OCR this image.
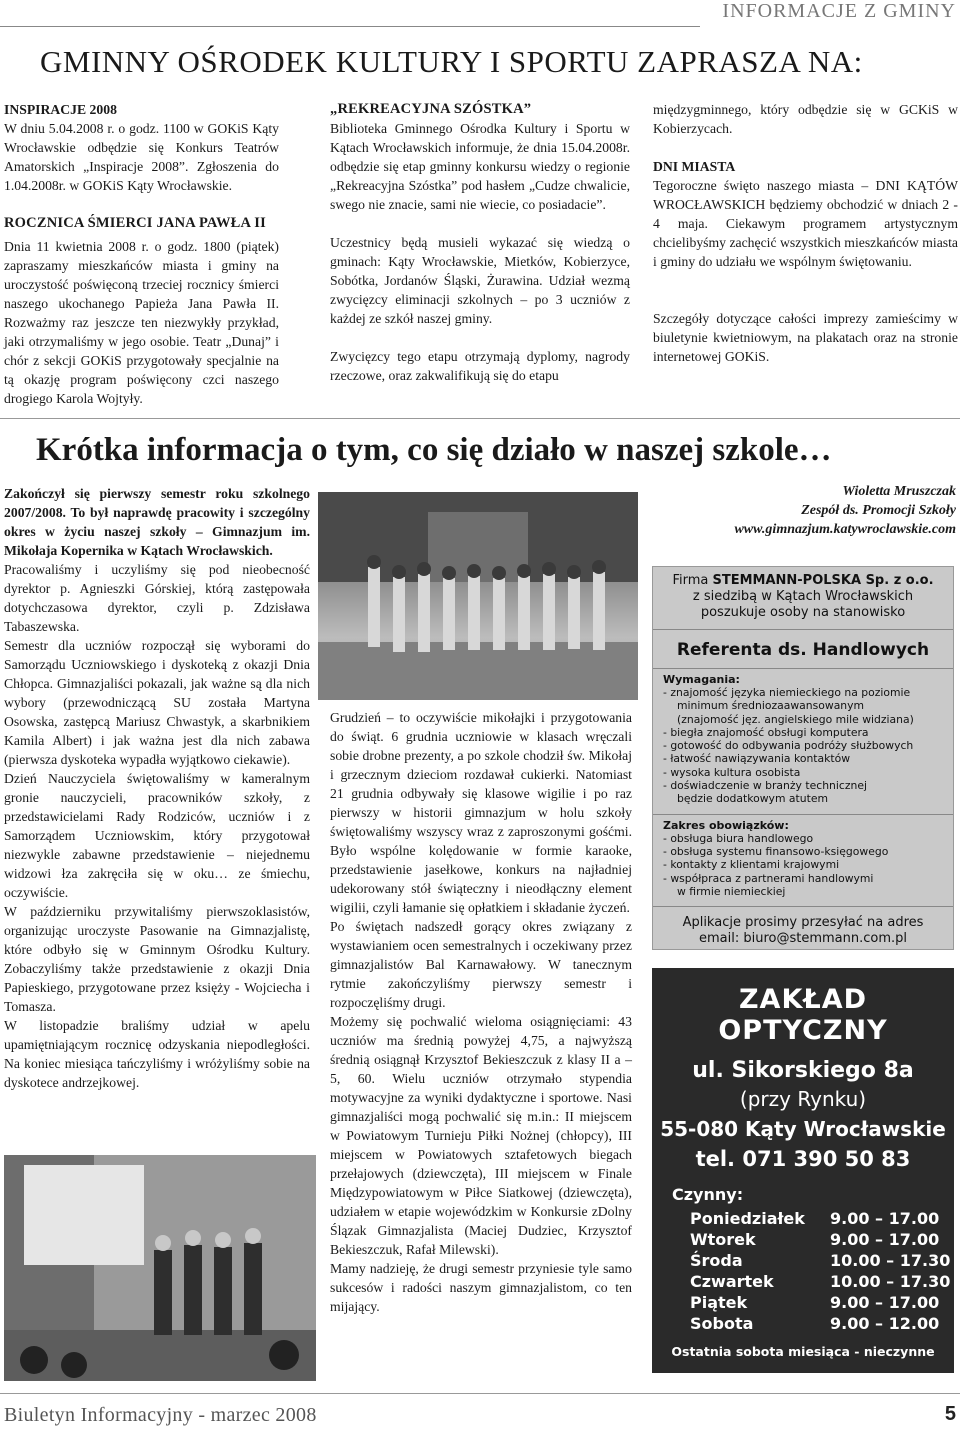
INFORMACJE Z GMINY
GMINNY OŚRODEK KULTURY I SPORTU ZAPRASZA NA:
INSPIRACJE 2008

W dniu 5.04.2008 r. o godz. 1100 w GOKiS Kąty Wrocławskie odbędzie się Konkurs Teatrów Amatorskich „Inspiracje 2008”. Zgłoszenia do 1.04.2008r. w GOKiS Kąty Wrocławskie.

ROCZNICA ŚMIERCI JANA PAWŁA II

Dnia 11 kwietnia 2008 r. o godz. 1800 (piątek) zapraszamy mieszkańców miasta i gminy na uroczystość poświęconą trzeciej rocznicy śmierci naszego ukochanego Papieża Jana Pawła II. Rozważmy raz jeszcze ten niezwykły przykład, jaki otrzymaliśmy w jego osobie. Teatr „Dunaj” i chór z sekcji GOKiS przygotowały specjalnie na tą okazję program poświęcony czci naszego drogiego Karola Wojtyły.

„REKREACYJNA SZÓSTKA”

Biblioteka Gminnego Ośrodka Kultury i Sportu w Kątach Wrocławskich informuje, że dnia 15.04.2008r. odbędzie się etap gminny konkursu wiedzy o regionie „Rekreacyjna Szóstka” pod hasłem „Cudze chwalicie, swego nie znacie, sami nie wiecie, co posiadacie”.

Uczestnicy będą musieli wykazać się wiedzą o gminach: Kąty Wrocławskie, Mietków, Kobierzyce, Sobótka, Jordanów Śląski, Żurawina. Udział wezmą zwycięzcy eliminacji szkolnych – po 3 uczniów z każdej ze szkół naszej gminy.

Zwycięzcy tego etapu otrzymają dyplomy, nagrody rzeczowe, oraz zakwalifikują się do etapu

międzygminnego, który odbędzie się w GCKiS w Kobierzycach.

DNI MIASTA

Tegoroczne święto naszego miasta – DNI KĄTÓW WROCŁAWSKICH będziemy obchodzić w dniach 2 - 4 maja. Ciekawym programem artystycznym chcielibyśmy zachęcić wszystkich mieszkańców miasta i gminy do udziału we wspólnym świętowaniu.

Szczegóły dotyczące całości imprezy zamieścimy w biuletynie kwietniowym, na plakatach oraz na stronie internetowej GOKiS.

Krótka informacja o tym, co się działo w naszej szkole…

Zakończył się pierwszy semestr roku szkolnego 2007/2008. To był naprawdę pracowity i szczególny okres w życiu naszej szkoły – Gimnazjum im. Mikołaja Kopernika w Kątach Wrocławskich.

Pracowaliśmy i uczyliśmy się pod nieobecność dyrektor p. Agnieszki Górskiej, którą zastępowała dotychczasowa dyrektor, czyli p. Zdzisława Tabaszewska.

Semestr dla uczniów rozpoczął się wyborami do Samorządu Uczniowskiego i dyskoteką z okazji Dnia Chłopca. Gimnazjaliści pokazali, jak ważne są dla nich wybory (przewodniczącą SU została Martyna Osowska, zastępcą Mariusz Chwastyk, a skarbnikiem Kamila Albert) i jak ważna jest dla nich zabawa (pierwsza dyskoteka wypadła wyjątkowo ciekawie).

Dzień Nauczyciela świętowaliśmy w kameralnym gronie nauczycieli, pracowników szkoły, z przedstawicielami Rady Rodziców, uczniów i z Samorządem Uczniowskim, który przygotował niezwykle zabawne przedstawienie – niejednemu widzowi łza zakręciła się w oku… ze śmiechu, oczywiście.

W październiku przywitaliśmy pierwszoklasistów, organizując uroczyste Pasowanie na Gimnazjalistę, które odbyło się w Gminnym Ośrodku Kultury. Zobaczyliśmy także przedstawienie z okazji Dnia Papieskiego, przygotowane przez księży - Wojciecha i Tomasza.

W listopadzie braliśmy udział w apelu upamiętniającym rocznicę odzyskania niepodległości. Na koniec miesiąca tańczyliśmy i wróżyliśmy sobie na dyskotece andrzejkowej.

Wioletta Mruszczak
Zespół ds. Promocji Szkoły
www.gimnazjum.katywroclawskie.com

Grudzień – to oczywiście mikołajki i przygotowania do świąt. 6 grudnia uczniowie w klasach wręczali sobie drobne prezenty, a po szkole chodził św. Mikołaj i grzecznym dzieciom rozdawał cukierki. Natomiast 21 grudnia odbywały się klasowe wigilie i po raz pierwszy w historii gimnazjum w holu szkoły świętowaliśmy wszyscy wraz z zaproszonymi gośćmi. Było wspólne kolędowanie w formie karaoke, przedstawienie jasełkowe, konkurs na najładniej udekorowany stół świąteczny i nieodłączny element wigilii, czyli łamanie się opłatkiem i składanie życzeń.

Po świętach nadszedł gorący okres związany z wystawianiem ocen semestralnych i oczekiwany przez gimnazjalistów Bal Karnawałowy. W tanecznym rytmie zakończyliśmy pierwszy semestr i rozpoczęliśmy drugi.

Możemy się pochwalić wieloma osiągnięciami: 43 uczniów ma średnią powyżej 4,75, a najwyższą średnią osiągnął Krzysztof Bekieszczuk z klasy II a – 5, 60. Wielu uczniów otrzymało stypendia motywacyjne za wyniki dydaktyczne i sportowe. Nasi gimnazjaliści mogą pochwalić się m.in.: II miejscem w Powiatowym Turnieju Piłki Nożnej (chłopcy), III miejscem w Powiatowych sztafetowych biegach przełajowych (dziewczęta), III miejscem w Finale Międzypowiatowym w Piłce Siatkowej (dziewczęta), udziałem w etapie wojewódzkim w Konkursie zDolny Ślązak Gimnazjalista (Maciej Dudziec, Krzysztof Bekieszczuk, Rafał Milewski).

Mamy nadzieję, że drugi semestr przyniesie tyle samo sukcesów i radości naszym gimnazjalistom, co ten mijający.

Firma STEMMANN-POLSKA Sp. z o.o.
z siedzibą w Kątach Wrocławskich
poszukuje osoby na stanowisko
Referenta ds. Handlowych
Wymagania:
- znajomość języka niemieckiego na poziomie
minimum średniozaawansowanym
(znajomość jęz. angielskiego mile widziana)
- biegła znajomość obsługi komputera
- gotowość do odbywania podróży służbowych
- łatwość nawiązywania kontaktów
- wysoka kultura osobista
- doświadczenie w branży technicznej
będzie dodatkowym atutem
Zakres obowiązków:
- obsługa biura handlowego
- obsługa systemu finansowo-księgowego
- kontakty z klientami krajowymi
- współpraca z partnerami handlowymi
w firmie niemieckiej
Aplikacje prosimy przesyłać na adres
email: biuro@stemmann.com.pl
ZAKŁAD OPTYCZNY
ul. Sikorskiego 8a
(przy Rynku)
55-080 Kąty Wrocławskie
tel. 071 390 50 83
Czynny:
Poniedziałek	9.00 – 17.00
Wtorek	9.00 – 17.00
Środa	10.00 – 17.30
Czwartek	10.00 – 17.30
Piątek	9.00 – 17.00
Sobota	9.00 – 12.00
Ostatnia sobota miesiąca - nieczynne
Biuletyn Informacyjny - marzec 2008	5
